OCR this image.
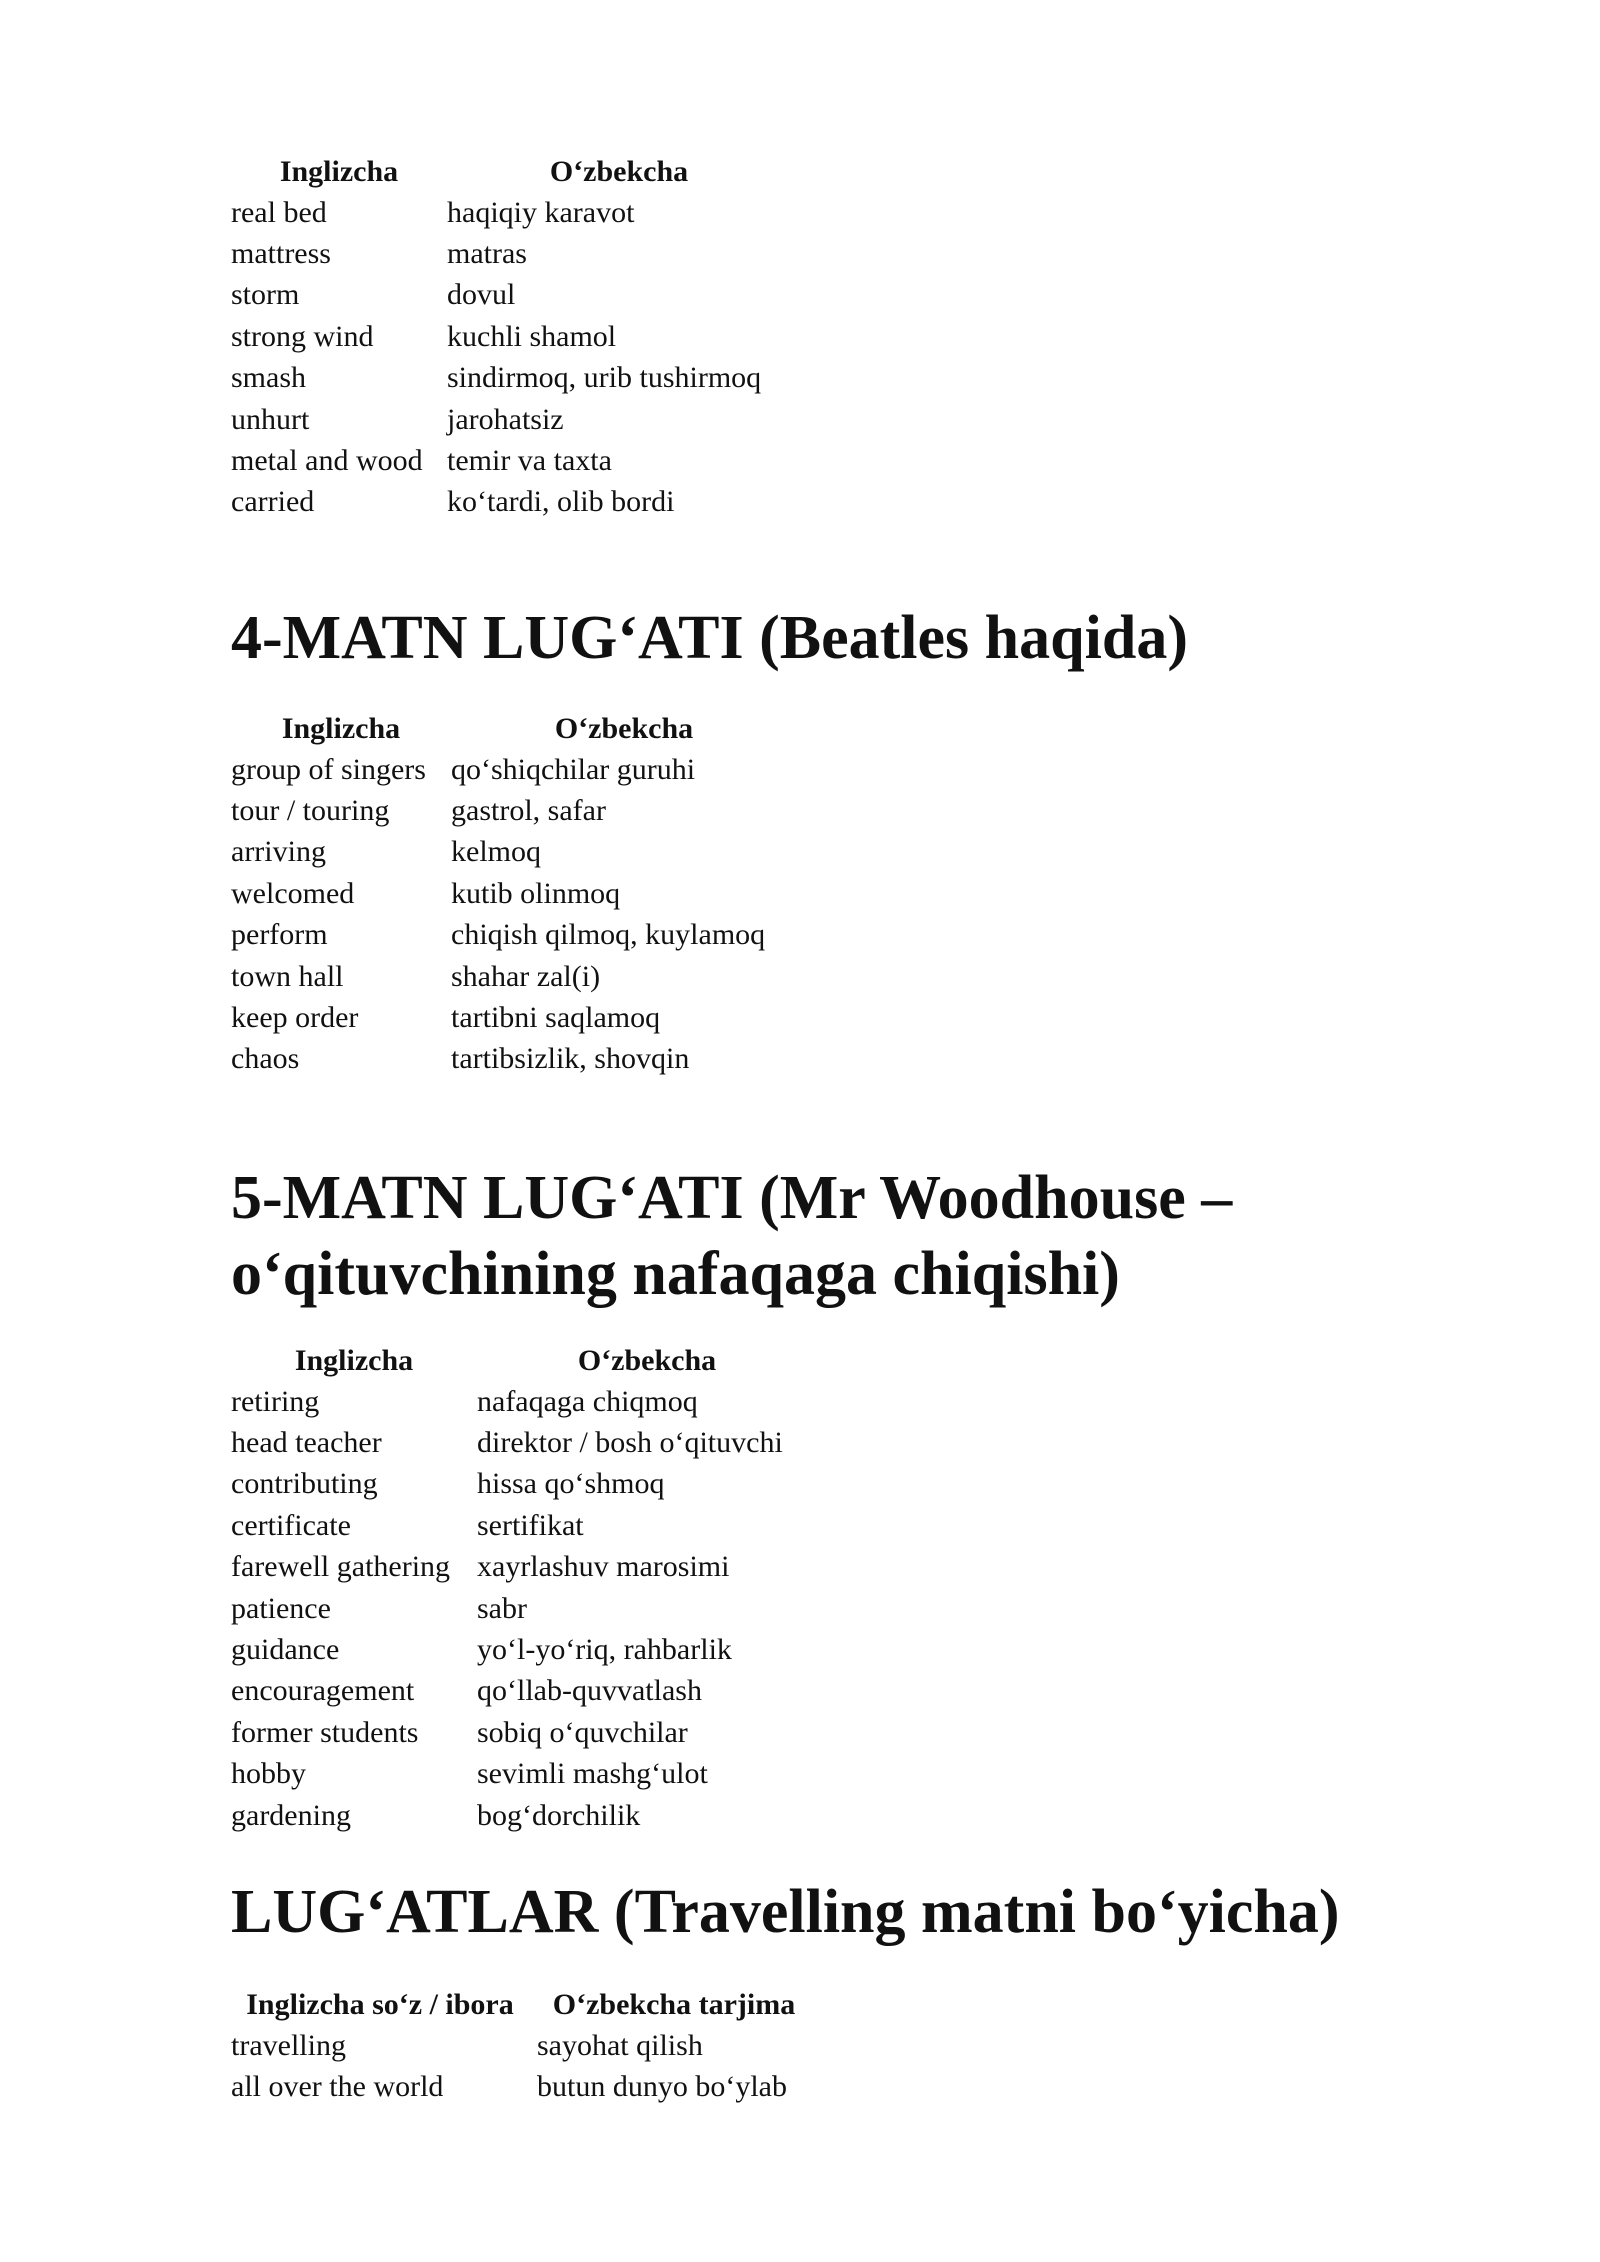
Inglizcha	O‘zbekcha
real bed	haqiqiy karavot
mattress	matras
storm	dovul
strong wind	kuchli shamol
smash	sindirmoq, urib tushirmoq
unhurt	jarohatsiz
metal and wood	temir va taxta
carried	ko‘tardi, olib bordi
4-MATN LUG‘ATI (Beatles haqida)
Inglizcha	O‘zbekcha
group of singers	qo‘shiqchilar guruhi
tour / touring	gastrol, safar
arriving	kelmoq
welcomed	kutib olinmoq
perform	chiqish qilmoq, kuylamoq
town hall	shahar zal(i)
keep order	tartibni saqlamoq
chaos	tartibsizlik, shovqin
5-MATN LUG‘ATI (Mr Woodhouse –
o‘qituvchining nafaqaga chiqishi)
Inglizcha	O‘zbekcha
retiring	nafaqaga chiqmoq
head teacher	direktor / bosh o‘qituvchi
contributing	hissa qo‘shmoq
certificate	sertifikat
farewell gathering	xayrlashuv marosimi
patience	sabr
guidance	yo‘l-yo‘riq, rahbarlik
encouragement	qo‘llab-quvvatlash
former students	sobiq o‘quvchilar
hobby	sevimli mashg‘ulot
gardening	bog‘dorchilik
LUG‘ATLAR (Travelling matni bo‘yicha)
Inglizcha so‘z / ibora	O‘zbekcha tarjima
travelling	sayohat qilish
all over the world	butun dunyo bo‘ylab
